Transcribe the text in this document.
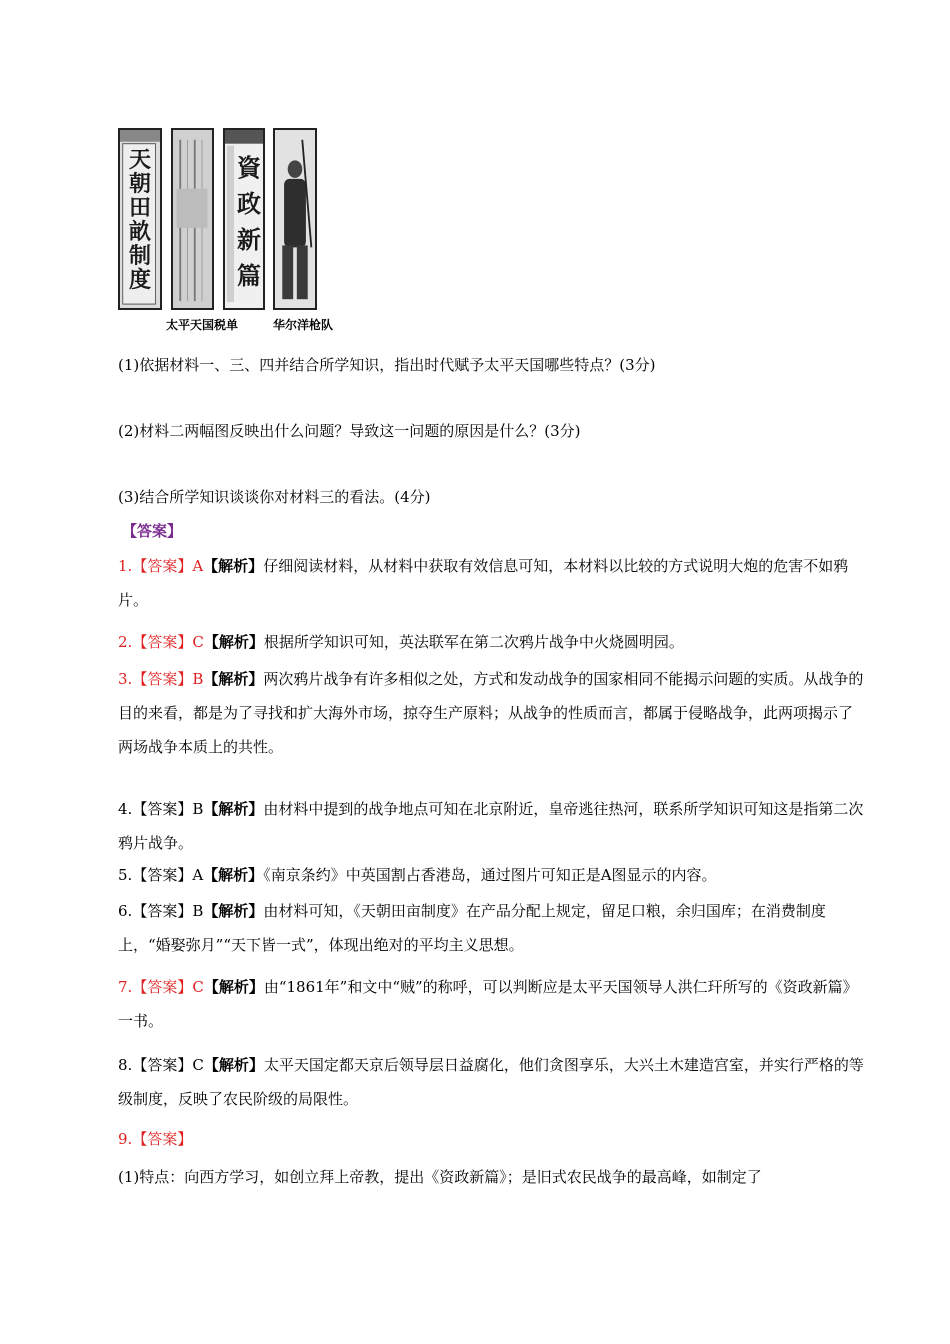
天朝田畝制度
資政新篇
太平天国税单	华尔洋枪队
(1)依据材料一、三、四并结合所学知识，指出时代赋予太平天国哪些特点？(3分)
(2)材料二两幅图反映出什么问题？导致这一问题的原因是什么？(3分)
(3)结合所学知识谈谈你对材料三的看法。(4分)
【答案】
1.【答案】A【解析】仔细阅读材料，从材料中获取有效信息可知，本材料以比较的方式说明大炮的危害不如鸦片。
2.【答案】C【解析】根据所学知识可知，英法联军在第二次鸦片战争中火烧圆明园。
3.【答案】B【解析】两次鸦片战争有许多相似之处，方式和发动战争的国家相同不能揭示问题的实质。从战争的目的来看，都是为了寻找和扩大海外市场，掠夺生产原料；从战争的性质而言，都属于侵略战争，此两项揭示了两场战争本质上的共性。
4.【答案】B【解析】由材料中提到的战争地点可知在北京附近，皇帝逃往热河，联系所学知识可知这是指第二次鸦片战争。
5.【答案】A【解析】《南京条约》中英国割占香港岛，通过图片可知正是A图显示的内容。
6.【答案】B【解析】由材料可知，《天朝田亩制度》在产品分配上规定，留足口粮，余归国库；在消费制度上，“婚娶弥月”“天下皆一式”，体现出绝对的平均主义思想。
7.【答案】C【解析】由“1861年”和文中“贼”的称呼，可以判断应是太平天国领导人洪仁玕所写的《资政新篇》一书。
8.【答案】C【解析】太平天国定都天京后领导层日益腐化，他们贪图享乐，大兴土木建造宫室，并实行严格的等级制度，反映了农民阶级的局限性。
9.【答案】
(1)特点：向西方学习，如创立拜上帝教，提出《资政新篇》；是旧式农民战争的最高峰，如制定了
